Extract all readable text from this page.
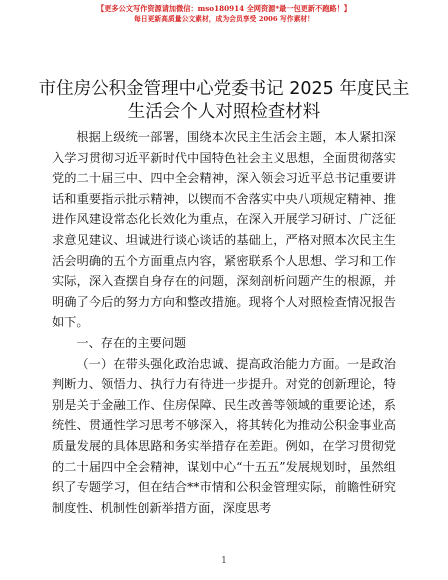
【更多公文写作资源请加微信：mso180914 全网资源*最一包更新不跑路！】
每日更新高质量公文素材，成为会员享受 2006 写作素材！
市住房公积金管理中心党委书记 2025 年度民主生活会个人对照检查材料

根据上级统一部署，围绕本次民主生活会主题，本人紧扣深入学习贯彻习近平新时代中国特色社会主义思想，全面贯彻落实党的二十届三中、四中全会精神，深入领会习近平总书记重要讲话和重要指示批示精神，以锲而不舍落实中央八项规定精神、推进作风建设常态化长效化为重点，在深入开展学习研讨、广泛征求意见建议、坦诚进行谈心谈话的基础上，严格对照本次民主生活会明确的五个方面重点内容，紧密联系个人思想、学习和工作实际，深入查摆自身存在的问题，深刻剖析问题产生的根源，并明确了今后的努力方向和整改措施。现将个人对照检查情况报告如下。

一、存在的主要问题

（一）在带头强化政治忠诚、提高政治能力方面。一是政治判断力、领悟力、执行力有待进一步提升。对党的创新理论，特别是关于金融工作、住房保障、民生改善等领域的重要论述，系统性、贯通性学习思考不够深入，将其转化为推动公积金事业高质量发展的具体思路和务实举措存在差距。例如，在学习贯彻党的二十届四中全会精神，谋划中心“十五五”发展规划时，虽然组织了专题学习，但在结合**市情和公积金管理实际，前瞻性研究制度性、机制性创新举措方面，深度思考

1
